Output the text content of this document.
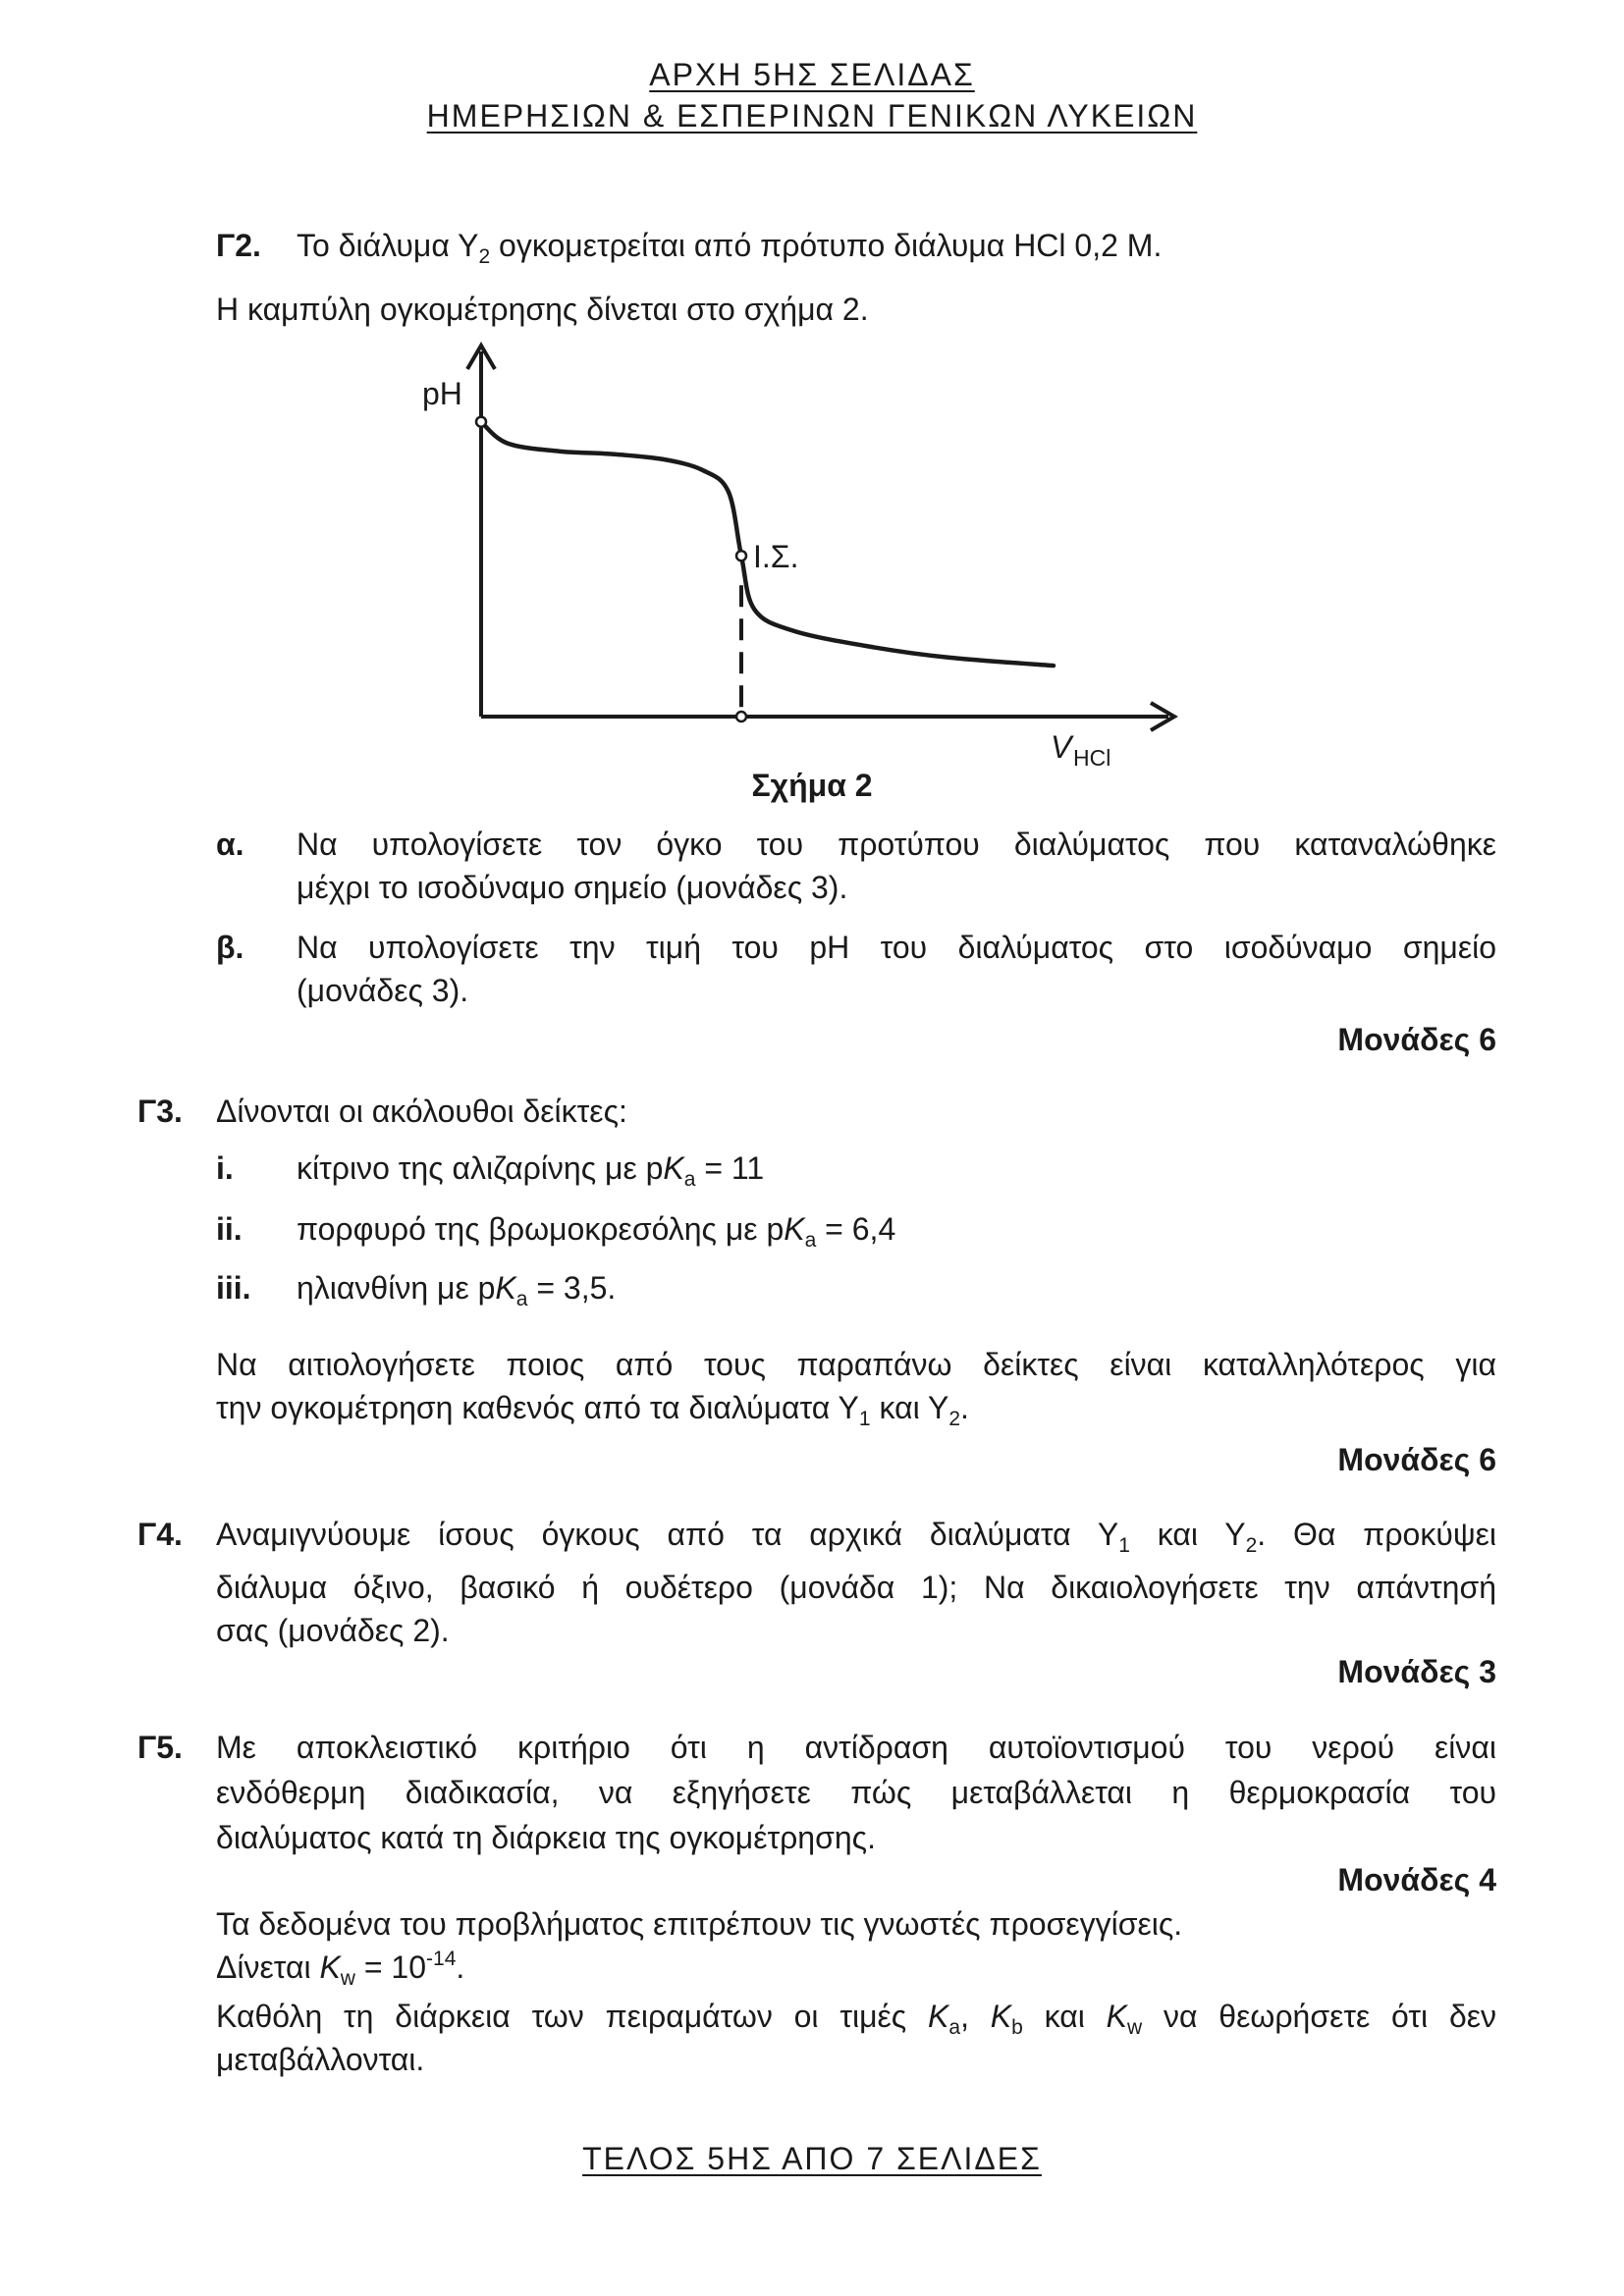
ΑΡΧΗ 5ΗΣ ΣΕΛΙΔΑΣ
ΗΜΕΡΗΣΙΩΝ & ΕΣΠΕΡΙΝΩΝ ΓΕΝΙΚΩΝ ΛΥΚΕΙΩΝ
Γ2. Το διάλυμα $\Upsilon_2$ ογκομετρείται από πρότυπο διάλυμα HCl 0,2 M.
Η καμπύλη ογκομέτρησης δίνεται στο σχήμα 2.
pH
Ι.Σ.
V HCl
Σχήμα 2
α. Να υπολογίσετε τον όγκο του προτύπου διαλύματος που καταναλώθηκε
μέχρι το ισοδύναμο σημείο (μονάδες 3).
β. Να υπολογίσετε την τιμή του pH του διαλύματος στο ισοδύναμο σημείο
(μονάδες 3).
Μονάδες 6
Γ3. Δίνονται οι ακόλουθοι δείκτες:
i. κίτρινο της αλιζαρίνης με $pK_a = 11$
ii. πορφυρό της βρωμοκρεσόλης με $pK_a = 6,4$
iii. ηλιανθίνη με $pK_a = 3,5$.
Να αιτιολογήσετε ποιος από τους παραπάνω δείκτες είναι καταλληλότερος για
την ογκομέτρηση καθενός από τα διαλύματα $\Upsilon_1$ και $\Upsilon_2$.
Μονάδες 6
Γ4. Αναμιγνύουμε ίσους όγκους από τα αρχικά διαλύματα $\Upsilon_1$ και $\Upsilon_2$. Θα προκύψει
διάλυμα όξινο, βασικό ή ουδέτερο (μονάδα 1); Να δικαιολογήσετε την απάντησή
σας (μονάδες 2).
Μονάδες 3
Γ5. Με αποκλειστικό κριτήριο ότι η αντίδραση αυτοϊοντισμού του νερού είναι
ενδόθερμη διαδικασία, να εξηγήσετε πώς μεταβάλλεται η θερμοκρασία του
διαλύματος κατά τη διάρκεια της ογκομέτρησης.
Μονάδες 4
Τα δεδομένα του προβλήματος επιτρέπουν τις γνωστές προσεγγίσεις.
Δίνεται $K_w = 10^{-14}$.
Καθόλη τη διάρκεια των πειραμάτων οι τιμές $K_a$, $K_b$ και $K_w$ να θεωρήσετε ότι δεν
μεταβάλλονται.
ΤΕΛΟΣ 5ΗΣ ΑΠΟ 7 ΣΕΛΙΔΕΣ
